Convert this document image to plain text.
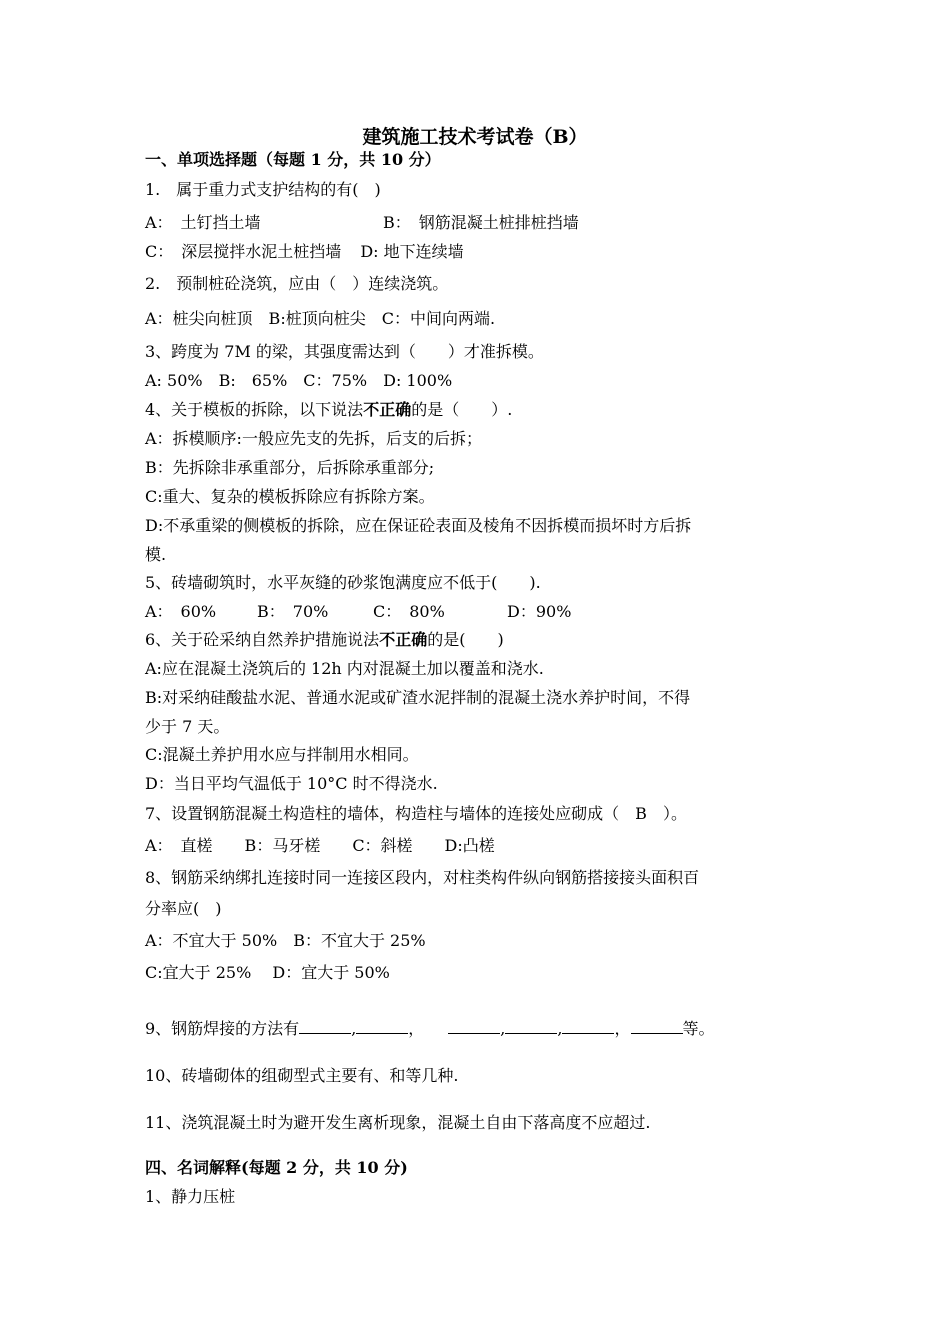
建筑施工技术考试卷（B）
一、单项选择题（每题 1 分，共 10 分）
1.　属于重力式支护结构的有(　)
A：　土钉挡土墙	B：　钢筋混凝土桩排桩挡墙
C：　深层搅拌水泥土桩挡墙 D: 地下连续墙
2.　预制桩砼浇筑，应由（　）连续浇筑。
A：桩尖向桩顶　B:桩顶向桩尖　C：中间向两端.
3、跨度为 7M 的梁，其强度需达到（　　）才准拆模。
A: 50%　B:　65%　C：75%　D: 100%
4、关于模板的拆除，以下说法不正确的是（　　）.
A：拆模顺序:一般应先支的先拆，后支的后拆；
B：先拆除非承重部分，后拆除承重部分;
C:重大、复杂的模板拆除应有拆除方案。
D:不承重梁的侧模板的拆除，应在保证砼表面及棱角不因拆模而损坏时方后拆
模.
5、砖墙砌筑时，水平灰缝的砂浆饱满度应不低于(　　).
A：　60%	B：　70%	C：　80%	D：90%
6、关于砼采纳自然养护措施说法不正确的是(　　)
A:应在混凝土浇筑后的 12h 内对混凝土加以覆盖和浇水.
B:对采纳硅酸盐水泥、普通水泥或矿渣水泥拌制的混凝土浇水养护时间，不得
少于 7 天。
C:混凝土养护用水应与拌制用水相同。
D：当日平均气温低于 10°C 时不得浇水.
7、设置钢筋混凝土构造柱的墙体，构造柱与墙体的连接处应砌成（　B　）。
A：　直槎　　B：马牙槎　　C：斜槎　　D:凸槎
8、钢筋采纳绑扎连接时同一连接区段内，对柱类构件纵向钢筋搭接接头面积百
分率应(　)
A：不宜大于 50%　B：不宜大于 25%
C:宜大于 25%　 D：宜大于 50%
9、钢筋焊接的方法有	,	，　　	,	,	，	等。
10、砖墙砌体的组砌型式主要有、和等几种.
11、浇筑混凝土时为避开发生离析现象，混凝土自由下落高度不应超过.
四、名词解释(每题 2 分，共 10 分)
1、静力压桩
